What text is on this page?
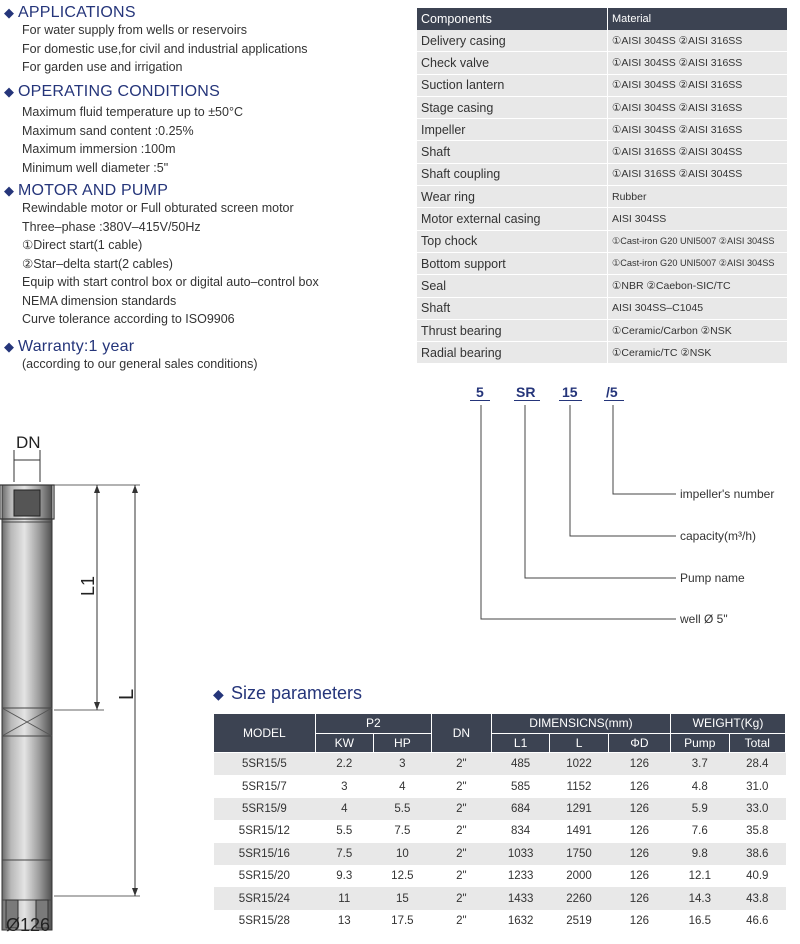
◆ APPLICATIONS
For water supply from wells or reservoirs
For domestic use,for civil and industrial applications
For garden use and irrigation
◆ OPERATING CONDITIONS
Maximum fluid temperature up to ±50°C
Maximum sand content :0.25%
Maximum immersion :100m
Minimum well diameter :5"
◆ MOTOR AND PUMP
Rewindable motor or Full obturated screen motor
Three–phase :380V–415V/50Hz
①Direct start(1 cable)
②Star–delta start(2 cables)
Equip with start control box or digital auto–control box
NEMA dimension standards
Curve tolerance according to ISO9906
◆ Warranty:1 year
(according to our general sales conditions)
Components	Material
Delivery casing	①AISI 304SS ②AISI 316SS
Check valve	①AISI 304SS ②AISI 316SS
Suction lantern	①AISI 304SS ②AISI 316SS
Stage casing	①AISI 304SS ②AISI 316SS
Impeller	①AISI 304SS ②AISI 316SS
Shaft	①AISI 316SS ②AISI 304SS
Shaft coupling	①AISI 316SS ②AISI 304SS
Wear ring	Rubber
Motor external casing	AISI 304SS
Top chock	①Cast-iron G20 UNI5007 ②AISI 304SS
Bottom support	①Cast-iron G20 UNI5007 ②AISI 304SS
Seal	①NBR ②Caebon-SIC/TC
Shaft	AISI 304SS–C1045
Thrust bearing	①Ceramic/Carbon ②NSK
Radial bearing	①Ceramic/TC ②NSK
5 SR 15 /5
impeller's number
capacity(m³/h)
Pump name
well Ø 5"
DN
L1
L
Ø126
◆ Size parameters
MODEL	P2		DN	DIMENSICNS(mm)			WEIGHT(Kg)	
	KW	HP		L1	L	ΦD	Pump	Total
5SR15/5	2.2	3	2"	485	1022	126	3.7	28.4
5SR15/7	3	4	2"	585	1152	126	4.8	31.0
5SR15/9	4	5.5	2"	684	1291	126	5.9	33.0
5SR15/12	5.5	7.5	2"	834	1491	126	7.6	35.8
5SR15/16	7.5	10	2"	1033	1750	126	9.8	38.6
5SR15/20	9.3	12.5	2"	1233	2000	126	12.1	40.9
5SR15/24	11	15	2"	1433	2260	126	14.3	43.8
5SR15/28	13	17.5	2"	1632	2519	126	16.5	46.6
